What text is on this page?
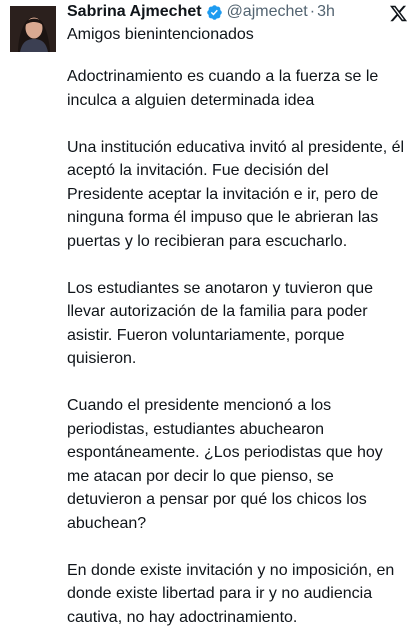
Sabrina Ajmechet @ajmechet · 3h
Amigos bienintencionados

Adoctrinamiento es cuando a la fuerza se le inculca a alguien determinada idea

Una institución educativa invitó al presidente, él aceptó la invitación. Fue decisión del Presidente aceptar la invitación e ir, pero de ninguna forma él impuso que le abrieran las puertas y lo recibieran para escucharlo.

Los estudiantes se anotaron y tuvieron que llevar autorización de la familia para poder asistir. Fueron voluntariamente, porque quisieron.

Cuando el presidente mencionó a los periodistas, estudiantes abuchearon espontáneamente. ¿Los periodistas que hoy me atacan por decir lo que pienso, se detuvieron a pensar por qué los chicos los abuchean?

En donde existe invitación y no imposición, en donde existe libertad para ir y no audiencia cautiva, no hay adoctrinamiento.
